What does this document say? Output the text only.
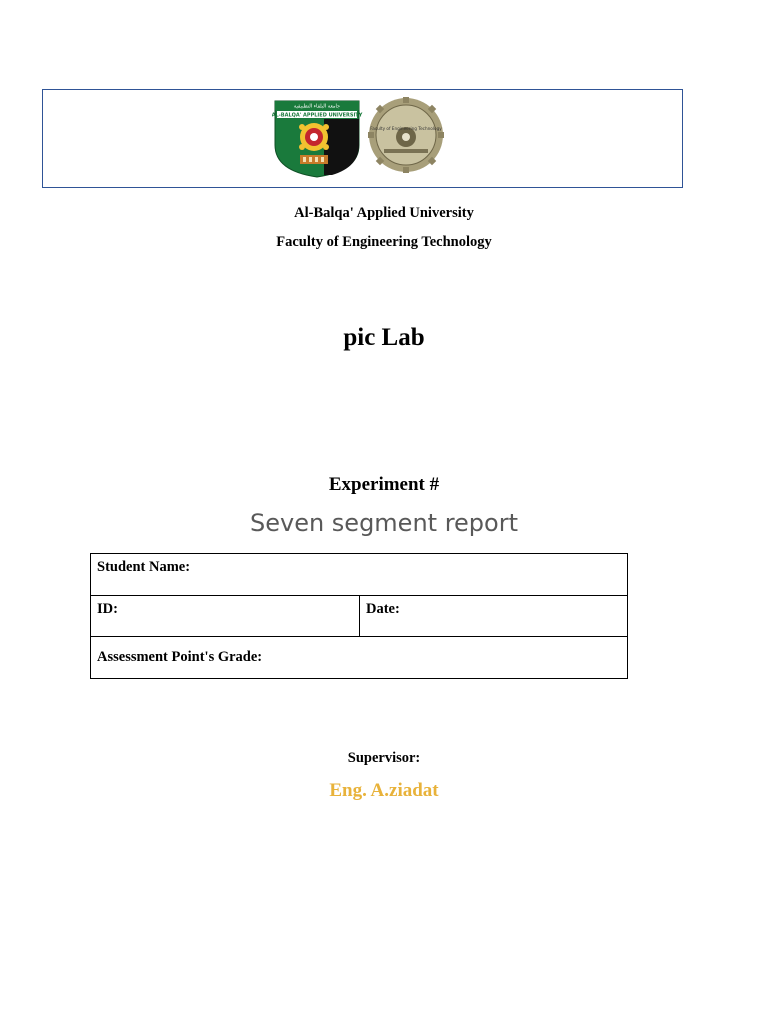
AL-BALQA' APPLIED UNIVERSITY
جامعة البلقاء التطبيقية
Faculty of Engineering Technology
Al-Balqa' Applied University
Faculty of Engineering Technology
pic Lab
Experiment #
Seven segment report
Student Name:
ID:	Date:
Assessment Point's Grade:
Supervisor:
Eng. A.ziadat
